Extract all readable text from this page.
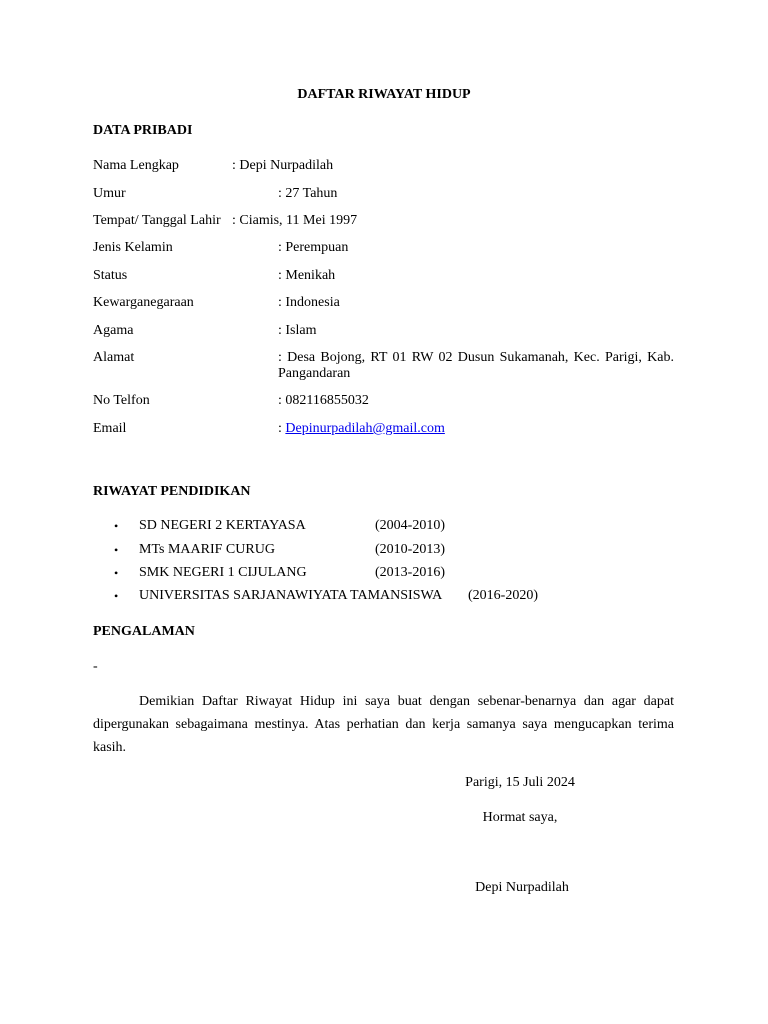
DAFTAR RIWAYAT HIDUP
DATA PRIBADI
Nama Lengkap	: Depi Nurpadilah
Umur	: 27 Tahun
Tempat/ Tanggal Lahir : Ciamis, 11 Mei 1997
Jenis Kelamin	: Perempuan
Status	: Menikah
Kewarganegaraan	: Indonesia
Agama	: Islam
Alamat	: Desa Bojong, RT 01 RW 02 Dusun Sukamanah, Kec. Parigi, Kab. Pangandaran
No Telfon	: 082116855032
Email	: Depinurpadilah@gmail.com
RIWAYAT PENDIDIKAN
• SD NEGERI 2 KERTAYASA	(2004-2010)
• MTs MAARIF CURUG	(2010-2013)
• SMK NEGERI 1 CIJULANG	(2013-2016)
• UNIVERSITAS SARJANAWIYATA TAMANSISWA (2016-2020)
PENGALAMAN
-
Demikian Daftar Riwayat Hidup ini saya buat dengan sebenar-benarnya dan agar dapat dipergunakan sebagaimana mestinya. Atas perhatian dan kerja samanya saya mengucapkan terima kasih.
Parigi, 15 Juli 2024
Hormat saya,
Depi Nurpadilah
